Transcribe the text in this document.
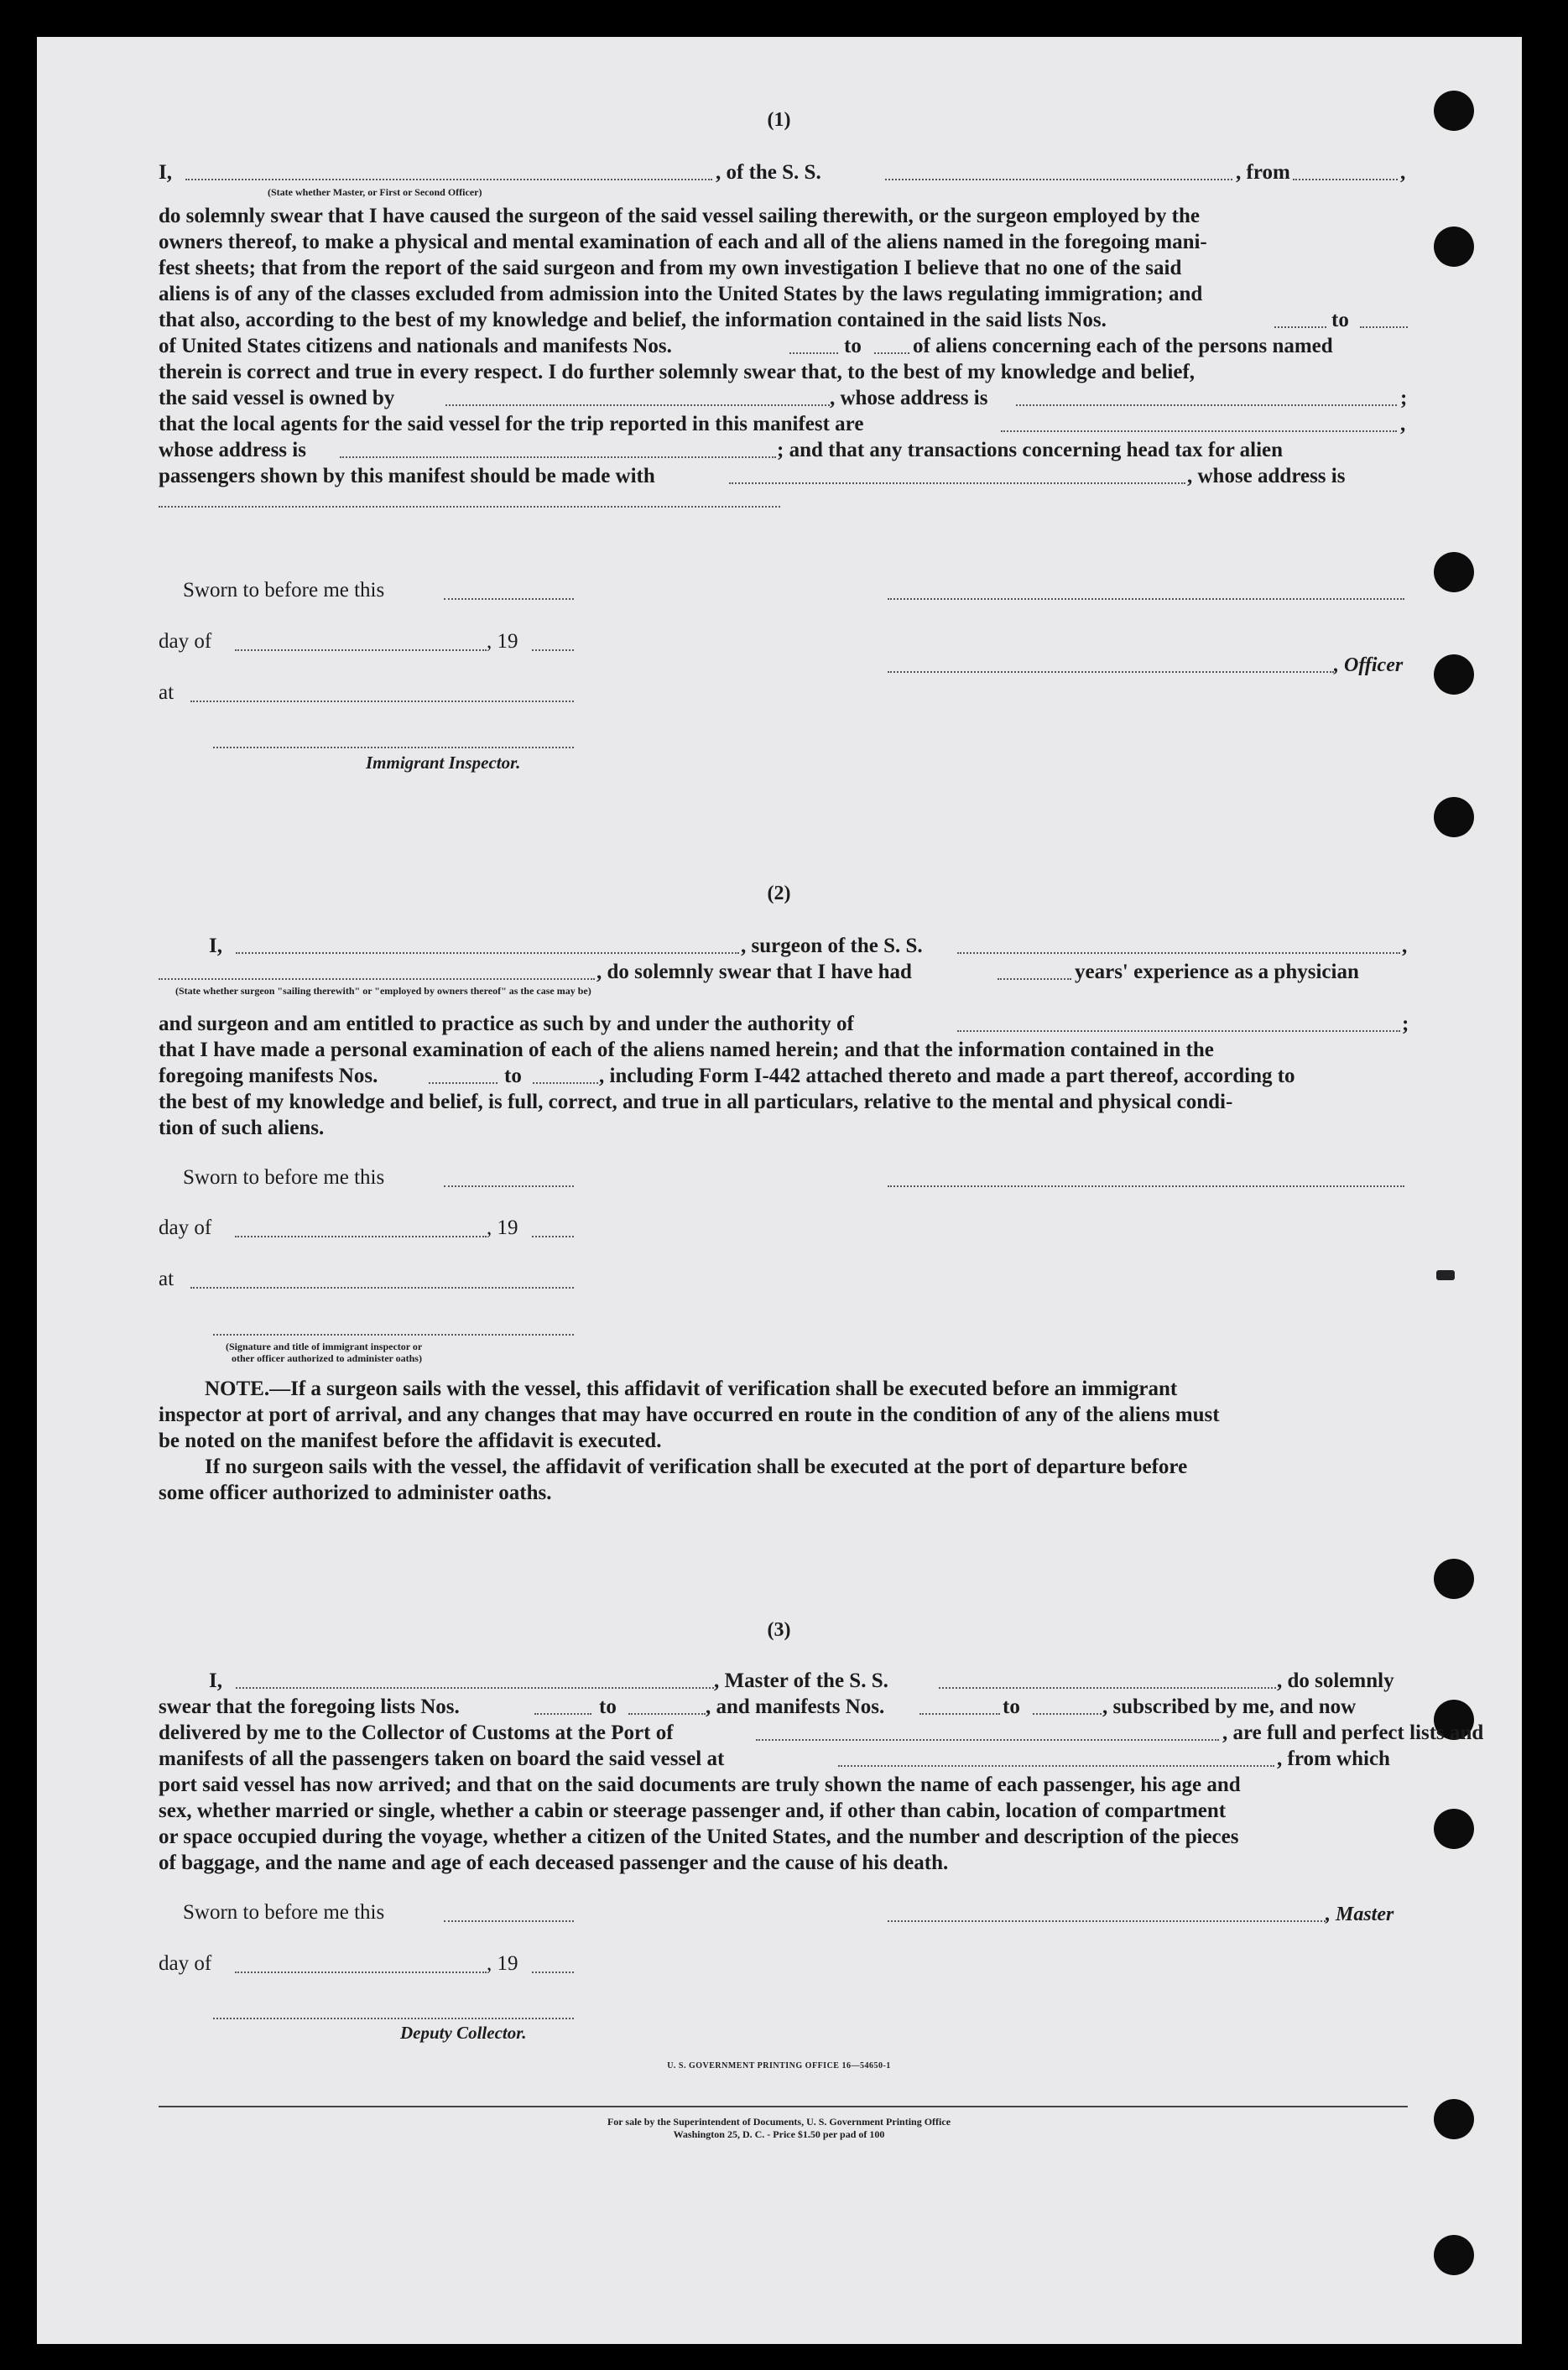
(1)
I,	, of the S. S.	, from	,
(State whether Master, or First or Second Officer)
do solemnly swear that I have caused the surgeon of the said vessel sailing therewith, or the surgeon employed by the
owners thereof, to make a physical and mental examination of each and all of the aliens named in the foregoing mani-
fest sheets; that from the report of the said surgeon and from my own investigation I believe that no one of the said
aliens is of any of the classes excluded from admission into the United States by the laws regulating immigration; and
that also, according to the best of my knowledge and belief, the information contained in the said lists Nos.	to
of United States citizens and nationals and manifests Nos.	to of aliens concerning each of the persons named
therein is correct and true in every respect. I do further solemnly swear that, to the best of my knowledge and belief,
the said vessel is owned by	, whose address is	;
that the local agents for the said vessel for the trip reported in this manifest are	,
whose address is	; and that any transactions concerning head tax for alien
passengers shown by this manifest should be made with	, whose address is
Sworn to before me this
day of	, 19
at
Immigrant Inspector.
, Officer
(2)
I,	, surgeon of the S. S.	,
, do solemnly swear that I have had	years' experience as a physician
(State whether surgeon "sailing therewith" or "employed by owners thereof" as the case may be)
and surgeon and am entitled to practice as such by and under the authority of	;
that I have made a personal examination of each of the aliens named herein; and that the information contained in the
foregoing manifests Nos.	to	, including Form I-442 attached thereto and made a part thereof, according to
the best of my knowledge and belief, is full, correct, and true in all particulars, relative to the mental and physical condi-
tion of such aliens.
Sworn to before me this
day of	, 19
at
(Signature and title of immigrant inspector or
other officer authorized to administer oaths)
NOTE.—If a surgeon sails with the vessel, this affidavit of verification shall be executed before an immigrant
inspector at port of arrival, and any changes that may have occurred en route in the condition of any of the aliens must
be noted on the manifest before the affidavit is executed.
If no surgeon sails with the vessel, the affidavit of verification shall be executed at the port of departure before
some officer authorized to administer oaths.
(3)
I,	, Master of the S. S.	, do solemnly
swear that the foregoing lists Nos.	to	, and manifests Nos.	to	, subscribed by me, and now
delivered by me to the Collector of Customs at the Port of	, are full and perfect lists and
manifests of all the passengers taken on board the said vessel at	, from which
port said vessel has now arrived; and that on the said documents are truly shown the name of each passenger, his age and
sex, whether married or single, whether a cabin or steerage passenger and, if other than cabin, location of compartment
or space occupied during the voyage, whether a citizen of the United States, and the number and description of the pieces
of baggage, and the name and age of each deceased passenger and the cause of his death.
Sworn to before me this
day of	, 19
Deputy Collector.
, Master
U. S. GOVERNMENT PRINTING OFFICE 16—54650-1
For sale by the Superintendent of Documents, U. S. Government Printing Office
Washington 25, D. C. - Price $1.50 per pad of 100
